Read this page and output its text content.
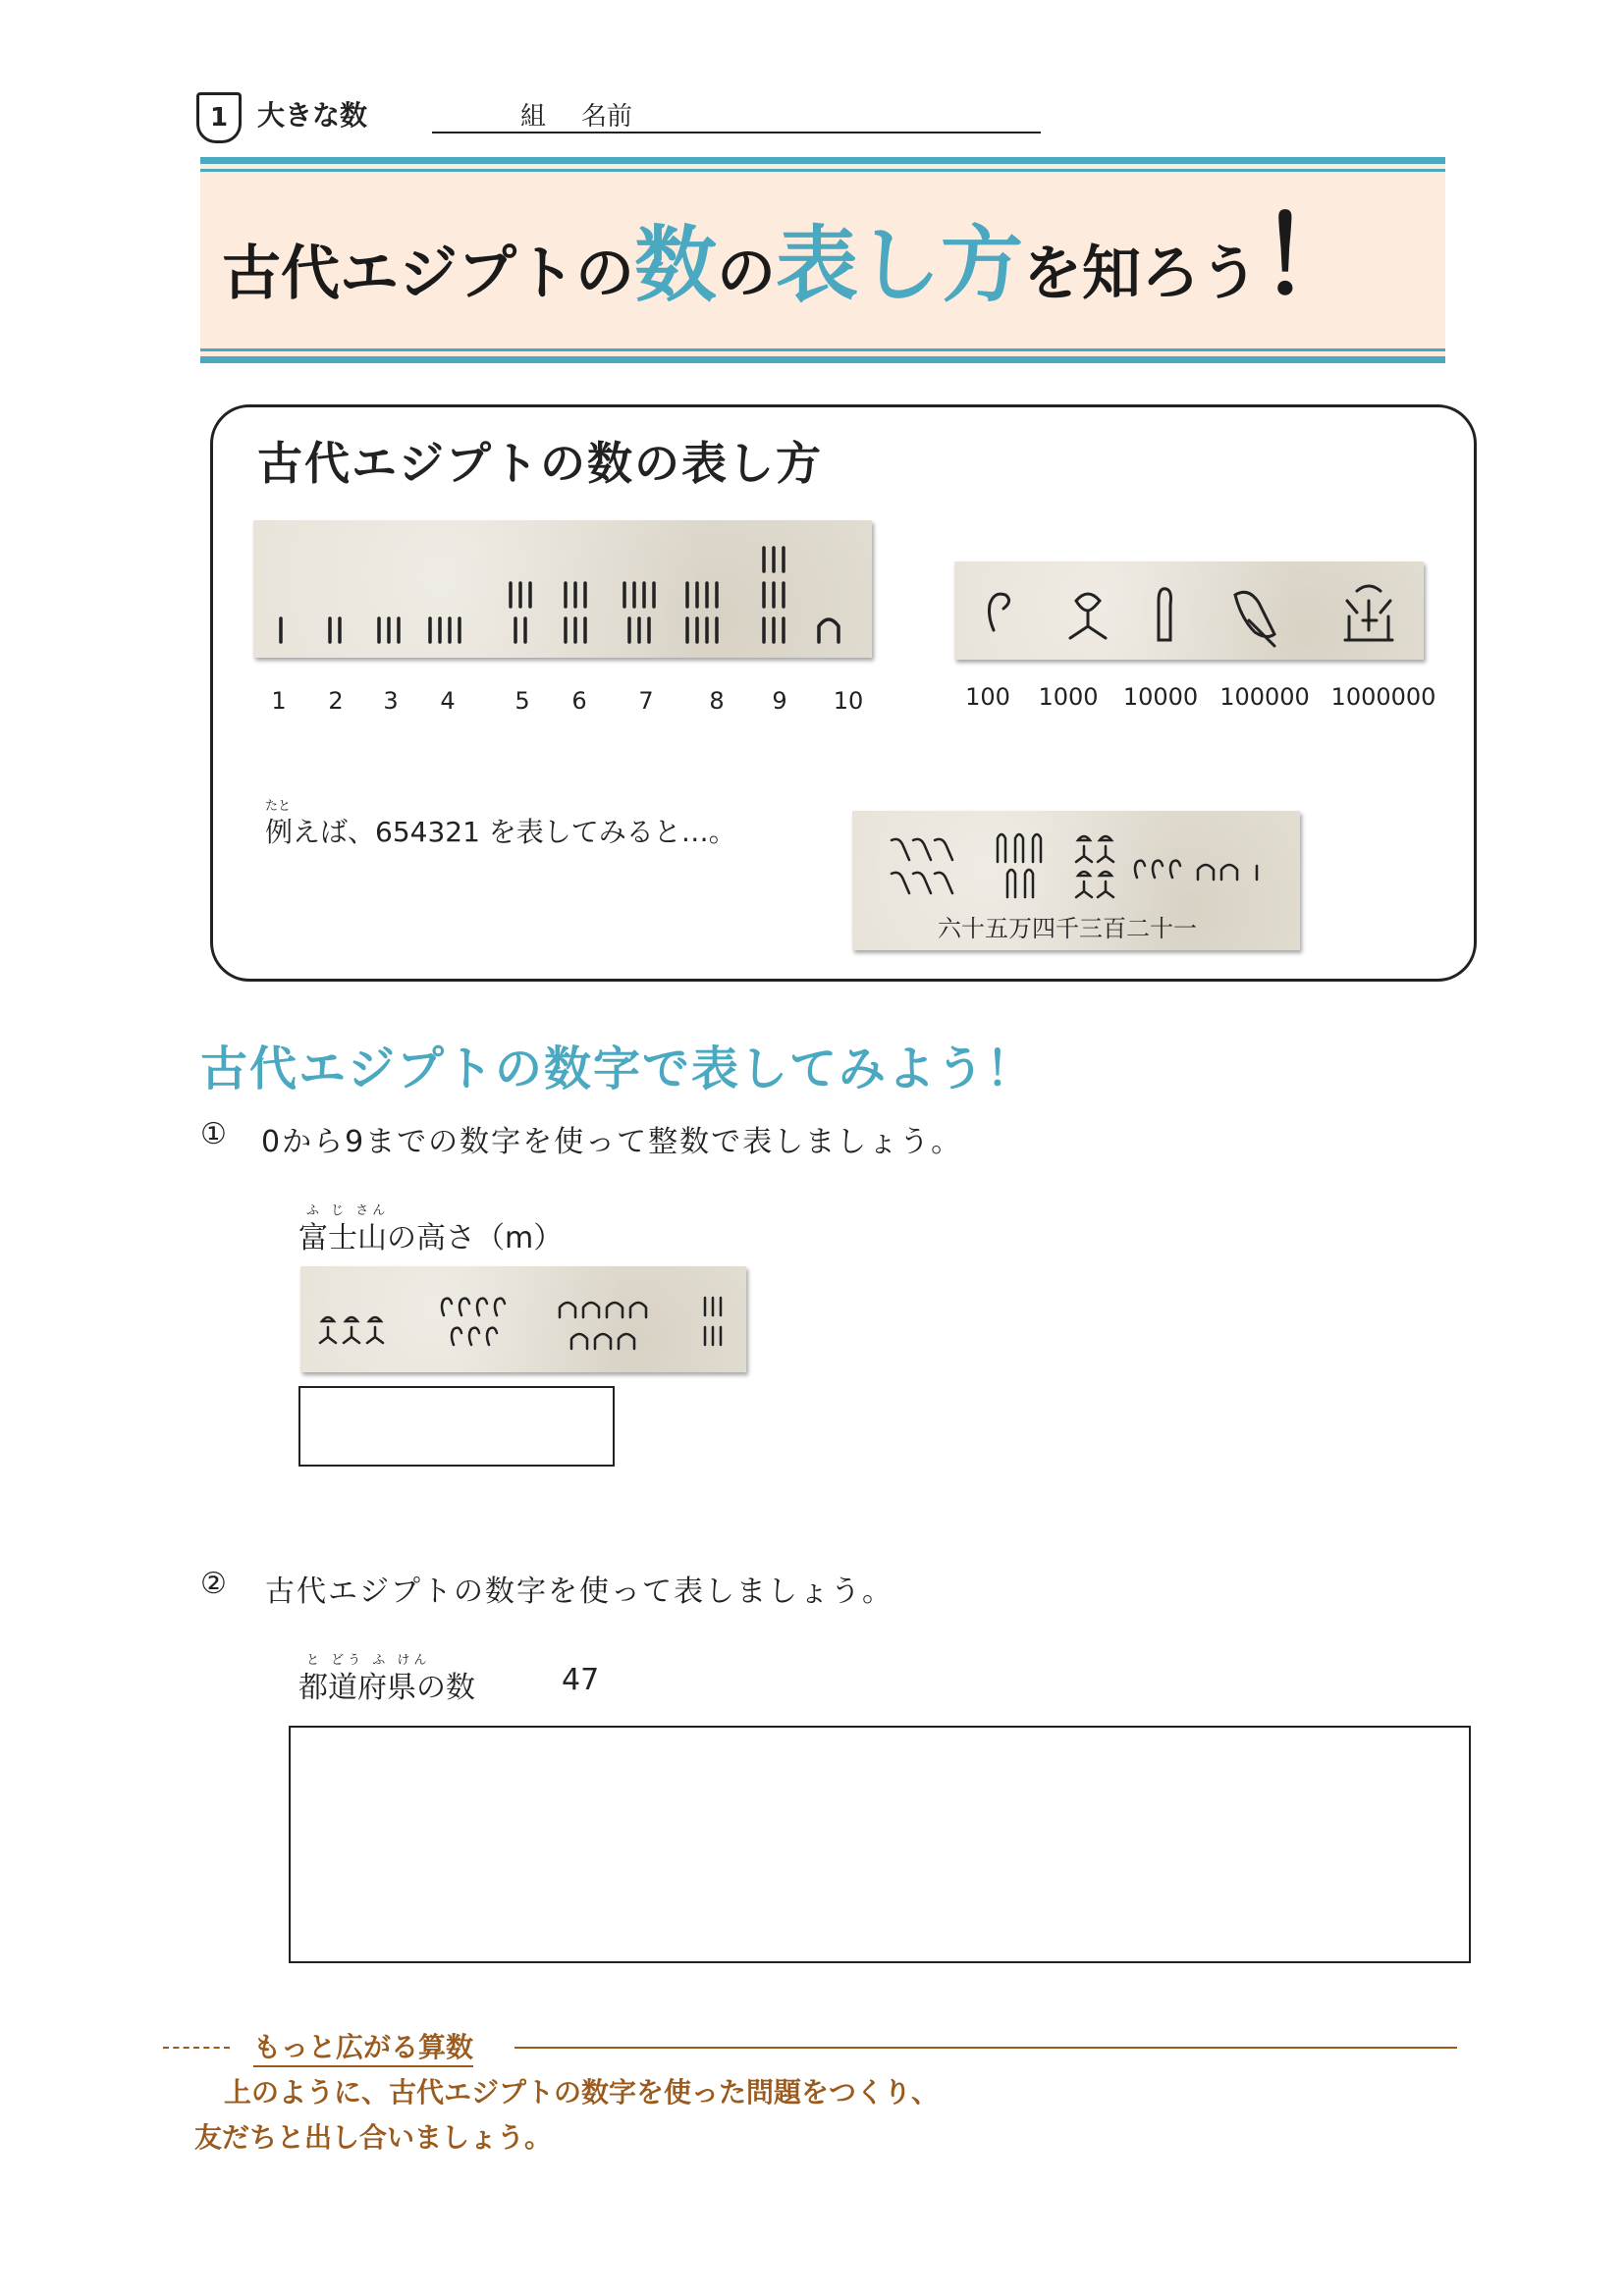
1 大きな数	組 名前
古代エジプトの数の表し方を知ろう！
古代エジプトの数の表し方
1 2 3 4	5 6 7 8 9 10	100 1000 10000 100000 1000000
たと
例えば、654321 を表してみると…。
六十五万四千三百二十一
古代エジプトの数字で表してみよう！
① 0から9までの数字を使って整数で表しましょう。
ふ じ さん
富士山の高さ（m）
② 古代エジプトの数字を使って表しましょう。
と どう ふ けん
都道府県の数	47
もっと広がる算数
上のように、古代エジプトの数字を使った問題をつくり、
友だちと出し合いましょう。
